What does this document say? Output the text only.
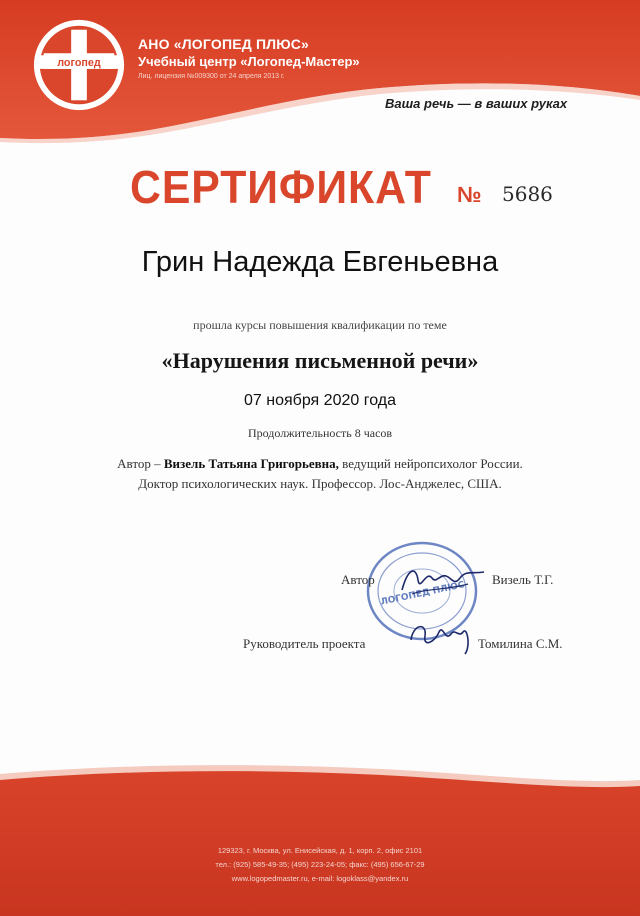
логопед
АНО «ЛОГОПЕД ПЛЮС»
Учебный центр «Логопед-Мастер»
Лиц. лицензия №009300 от 24 апреля 2013 г.
Ваша речь — в ваших руках
СЕРТИФИКАТ № 5686
Грин Надежда Евгеньевна
прошла курсы повышения квалификации по теме
«Нарушения письменной речи»
07 ноября 2020 года
Продолжительность 8 часов
Автор – Визель Татьяна Григорьевна, ведущий нейропсихолог России.
Доктор психологических наук. Профессор. Лос-Анджелес, США.
ЛОГОПЕД ПЛЮС
Автор	Визель Т.Г.
Руководитель проекта	Томилина С.М.
129323, г. Москва, ул. Енисейская, д. 1, корп. 2, офис 2101
тел.: (925) 585-49-35; (495) 223-24-05; факс: (495) 656-67-29
www.logopedmaster.ru, e-mail: logoklass@yandex.ru
